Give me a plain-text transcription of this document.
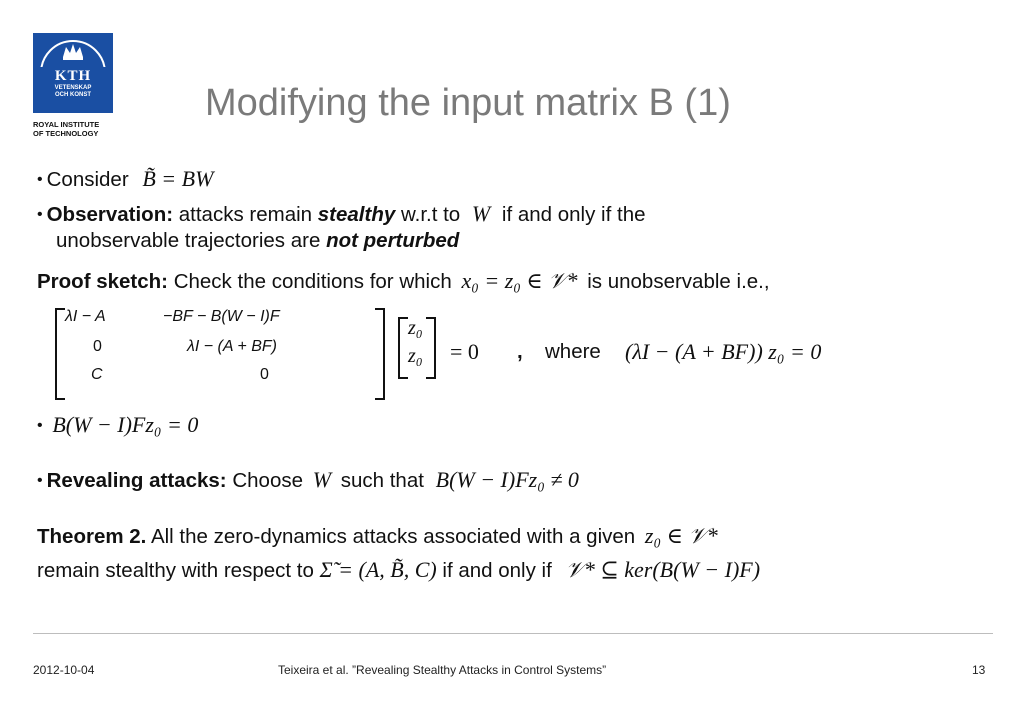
KTH
VETENSKAP
OCH KONST
ROYAL INSTITUTE
OF TECHNOLOGY
Modifying the input matrix B (1)
• Consider B̃ = BW
• Observation: attacks remain stealthy w.r.t to W if and only if the
unobservable trajectories are not perturbed
Proof sketch: Check the conditions for which x₀ = z₀ ∈ 𝒱* is unobservable i.e.,
λI − A	−BF − B(W − I)F
0	λI − (A + BF)
C	0
z₀
z₀ = 0 , where (λI − (A + BF)) z₀ = 0
• B(W − I)Fz₀ = 0
• Revealing attacks: Choose W such that B(W − I)Fz₀ ≠ 0
Theorem 2. All the zero-dynamics attacks associated with a given z₀ ∈ 𝒱*
remain stealthy with respect to Σ̃ = (A, B̃, C) if and only if 𝒱* ⊆ ker(B(W − I)F)
2012-10-04	Teixeira et al. ”Revealing Stealthy Attacks in Control Systems”	13
